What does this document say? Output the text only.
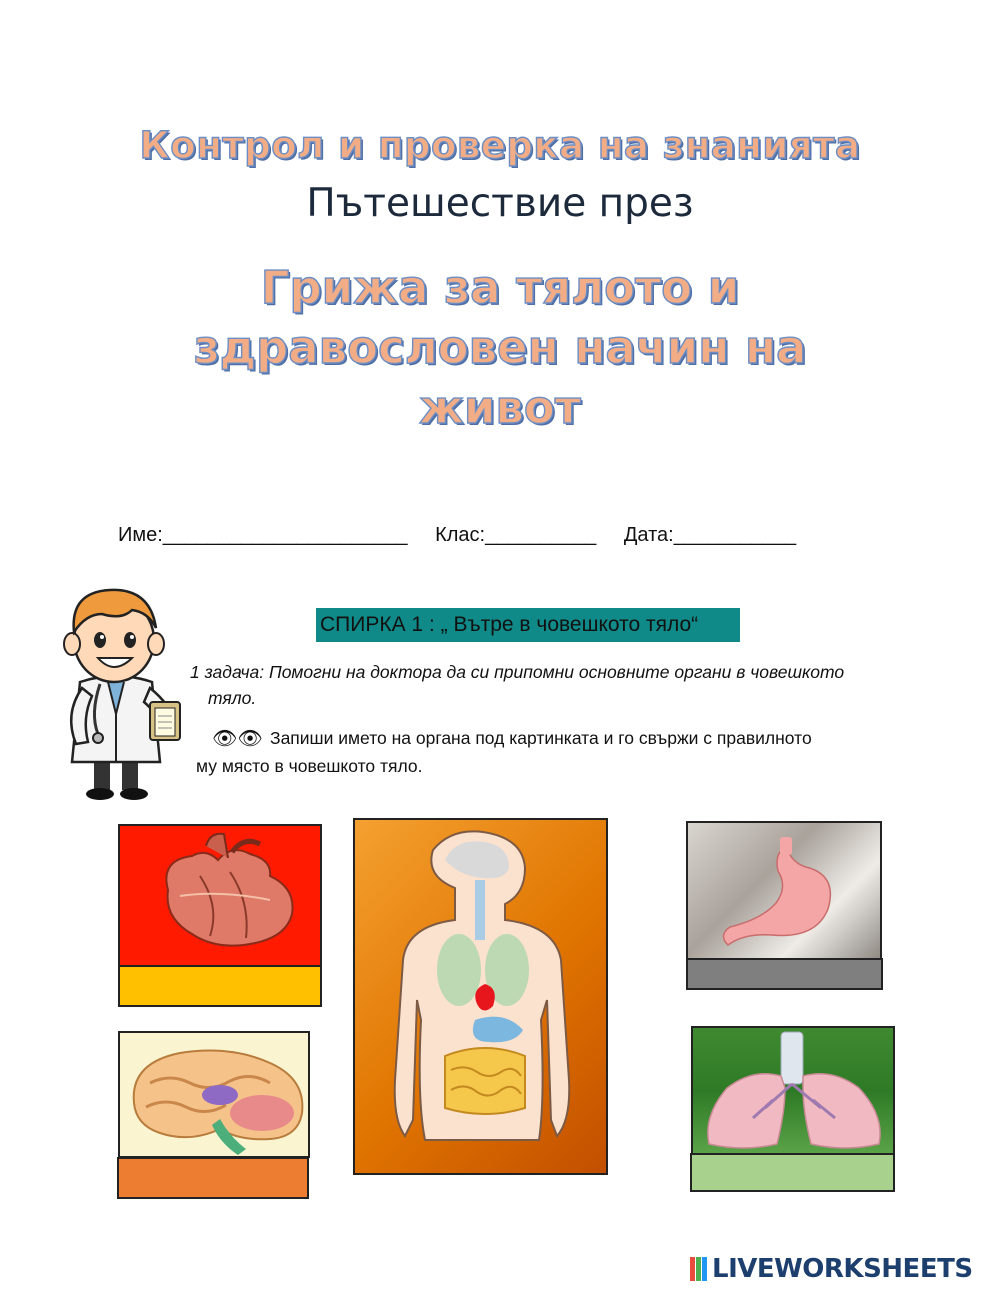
Контрол и проверка на знанията
Пътешествие през
Грижа за тялото и
здравословен начин на
живот
Име:______________________ Клас:__________ Дата:___________
СПИРКА 1 : „ Вътре в човешкото тяло“
1 задача: Помогни на доктора да си припомни основните органи в човешкото
тяло.
👁👁 Запиши името на органа под картинката и го свържи с правилното
му място в човешкото тяло.
LIVEWORKSHEETS
